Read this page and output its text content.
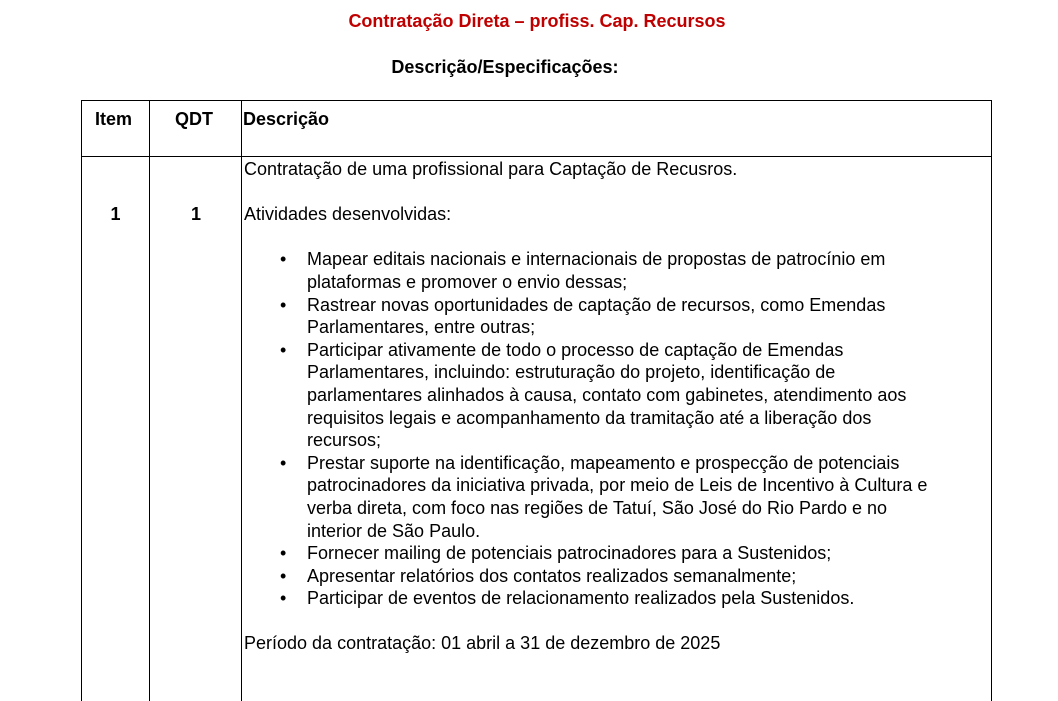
Contratação Direta – profiss. Cap. Recursos
Descrição/Especificações:
Item QDT Descrição
1	1

Contratação de uma profissional para Captação de Recusros.

Atividades desenvolvidas:

• Mapear editais nacionais e internacionais de propostas de patrocínio em
plataformas e promover o envio dessas;
• Rastrear novas oportunidades de captação de recursos, como Emendas
Parlamentares, entre outras;
• Participar ativamente de todo o processo de captação de Emendas
Parlamentares, incluindo: estruturação do projeto, identificação de
parlamentares alinhados à causa, contato com gabinetes, atendimento aos
requisitos legais e acompanhamento da tramitação até a liberação dos
recursos;
• Prestar suporte na identificação, mapeamento e prospecção de potenciais
patrocinadores da iniciativa privada, por meio de Leis de Incentivo à Cultura e
verba direta, com foco nas regiões de Tatuí, São José do Rio Pardo e no
interior de São Paulo.
• Fornecer mailing de potenciais patrocinadores para a Sustenidos;
• Apresentar relatórios dos contatos realizados semanalmente;
• Participar de eventos de relacionamento realizados pela Sustenidos.

Período da contratação: 01 abril a 31 de dezembro de 2025
